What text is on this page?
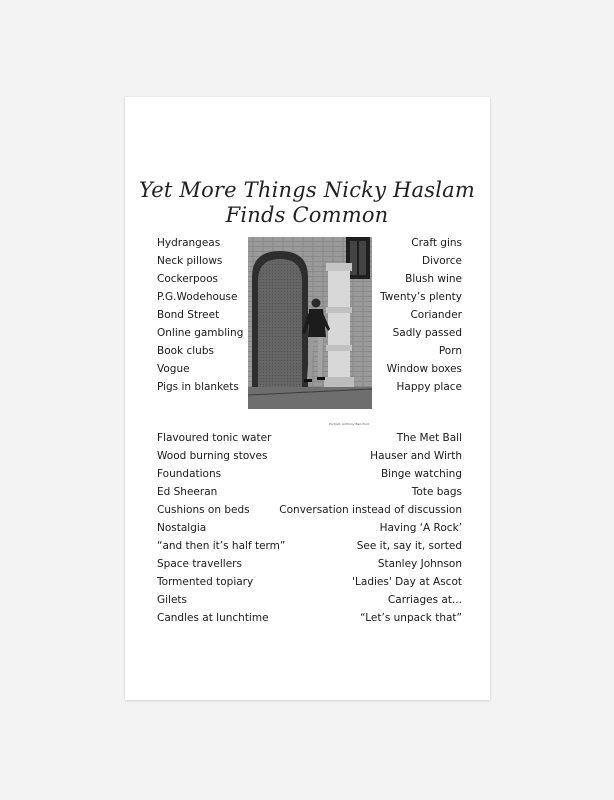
Yet More Things Nicky Haslam
Finds Common
Hydrangeas
Neck pillows
Cockerpoos
P.G.Wodehouse
Bond Street
Online gambling
Book clubs
Vogue
Pigs in blankets
Craft gins
Divorce
Blush wine
Twenty’s plenty
Coriander
Sadly passed
Porn
Window boxes
Happy place
Portrait: Anthony Bancford
Flavoured tonic water
Wood burning stoves
Foundations
Ed Sheeran
Cushions on beds
Nostalgia
“and then it’s half term”
Space travellers
Tormented topiary
Gilets
Candles at lunchtime
The Met Ball
Hauser and Wirth
Binge watching
Tote bags
Conversation instead of discussion
Having ‘A Rock’
See it, say it, sorted
Stanley Johnson
'Ladies' Day at Ascot
Carriages at...
“Let’s unpack that”
